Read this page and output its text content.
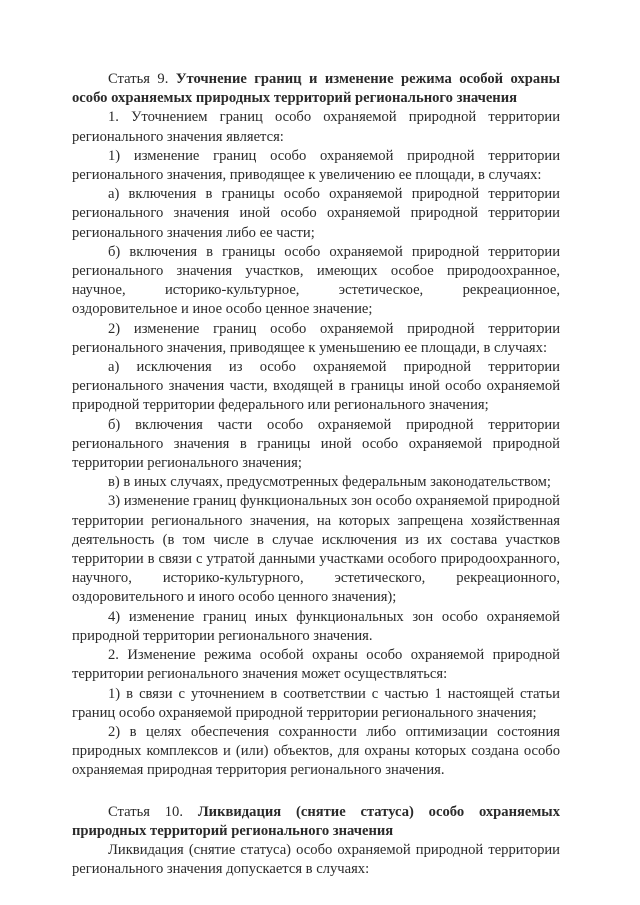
Статья 9. Уточнение границ и изменение режима особой охраны особо охраняемых природных территорий регионального значения

1. Уточнением границ особо охраняемой природной территории регионального значения является:

1) изменение границ особо охраняемой природной территории регионального значения, приводящее к увеличению ее площади, в случаях:

а) включения в границы особо охраняемой природной территории регионального значения иной особо охраняемой природной территории регионального значения либо ее части;

б) включения в границы особо охраняемой природной территории регионального значения участков, имеющих особое природоохранное, научное, историко-культурное, эстетическое, рекреационное, оздоровительное и иное особо ценное значение;

2) изменение границ особо охраняемой природной территории регионального значения, приводящее к уменьшению ее площади, в случаях:

а) исключения из особо охраняемой природной территории регионального значения части, входящей в границы иной особо охраняемой природной территории федерального или регионального значения;

б) включения части особо охраняемой природной территории регионального значения в границы иной особо охраняемой природной территории регионального значения;

в) в иных случаях, предусмотренных федеральным законодательством;

3) изменение границ функциональных зон особо охраняемой природной территории регионального значения, на которых запрещена хозяйственная деятельность (в том числе в случае исключения из их состава участков территории в связи с утратой данными участками особого природоохранного, научного, историко-культурного, эстетического, рекреационного, оздоровительного и иного особо ценного значения);

4) изменение границ иных функциональных зон особо охраняемой природной территории регионального значения.

2. Изменение режима особой охраны особо охраняемой природной территории регионального значения может осуществляться:

1) в связи с уточнением в соответствии с частью 1 настоящей статьи границ особо охраняемой природной территории регионального значения;

2) в целях обеспечения сохранности либо оптимизации состояния природных комплексов и (или) объектов, для охраны которых создана особо охраняемая природная территория регионального значения.

Статья 10. Ликвидация (снятие статуса) особо охраняемых природных территорий регионального значения

Ликвидация (снятие статуса) особо охраняемой природной территории регионального значения допускается в случаях:
